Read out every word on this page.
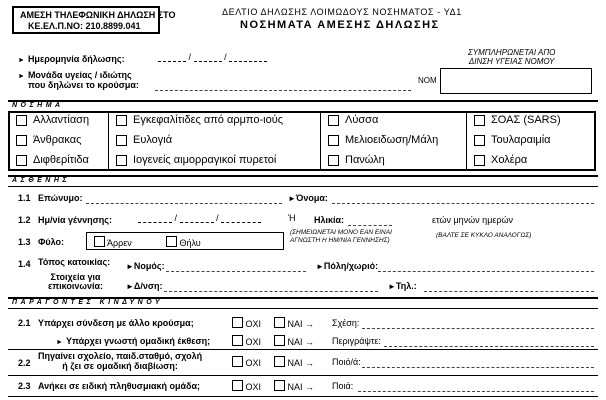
ΑΜΕΣΗ ΤΗΛΕΦΩΝΙΚΗ ΔΗΛΩΣΗ ΣΤΟ
ΚΕ.ΕΛ.Π.ΝΟ: 210.8899.041
ΔΕΛΤΙΟ ΔΗΛΩΣΗΣ ΛΟΙΜΩΔΟΥΣ ΝΟΣΗΜΑΤΟΣ - ΥΔ1
ΝΟΣΗΜΑΤΑ ΑΜΕΣΗΣ ΔΗΛΩΣΗΣ
► Ημερομηνία δήλωσης:	/	/	ΣΥΜΠΛΗΡΩΝΕΤΑΙ ΑΠΟ
ΔΙΝΣΗ ΥΓΕΙΑΣ ΝΟΜΟΥ
► Μονάδα υγείας / ιδιώτης
που δηλώνει το κρούσμα:	ΝΟΜ
ΝΟΣΗΜΑ
Αλλαντίαση	Εγκεφαλίτιδες από αρμπο-ιούς	Λύσσα	ΣΟΑΣ (SARS)
Άνθρακας	Ευλογιά	Μελιοειδωση/Μάλη	Τουλαραιμία
Διφθερίτιδα	Ιογενείς αιμορραγικοί πυρετοί	Πανώλη	Χολέρα
ΑΣΘΕΝΗΣ
1.1 Επώνυμο:	►Όνομα:
1.2 Ημ/νία γέννησης:	/	/	Ή Ηλικία:	ετών μηνών ημερών
(ΣΗΜΕΙΩΝΕΤΑΙ ΜΟΝΟ ΕΑΝ ΕΙΝΑΙ
ΑΓΝΩΣΤΗ Η ΗΜ/ΝΙΑ ΓΕΝΝΗΣΗΣ)
(ΒΑΛΤΕ ΣΕ ΚΥΚΛΟ ΑΝΑΛΟΓΩΣ)
1.3 Φύλο:	Άρρεν	Θήλυ
1.4 Τόπος κατοικίας: ►Νομός:	►Πόλη/χωριό:
Στοιχεία για
επικοινωνία:	►Δ/νση:	►Τηλ.:
ΠΑΡΑΓΟΝΤΕΣ ΚΙΝΔΥΝΟΥ
2.1 Υπάρχει σύνδεση με άλλο κρούσμα;	ΟΧΙ	ΝΑΙ → Σχέση:
► Υπάρχει γνωστή ομαδική έκθεση;	ΟΧΙ	ΝΑΙ → Περιγράψτε:
2.2
Πηγαίνει σχολείο, παιδ.σταθμό, σχολή
ή ζει σε ομαδική διαβίωση:	ΟΧΙ	ΝΑΙ → Ποιό/ά:
2.3 Ανήκει σε ειδική πληθυσμιακή ομάδα;	ΟΧΙ	ΝΑΙ → Ποιά:
